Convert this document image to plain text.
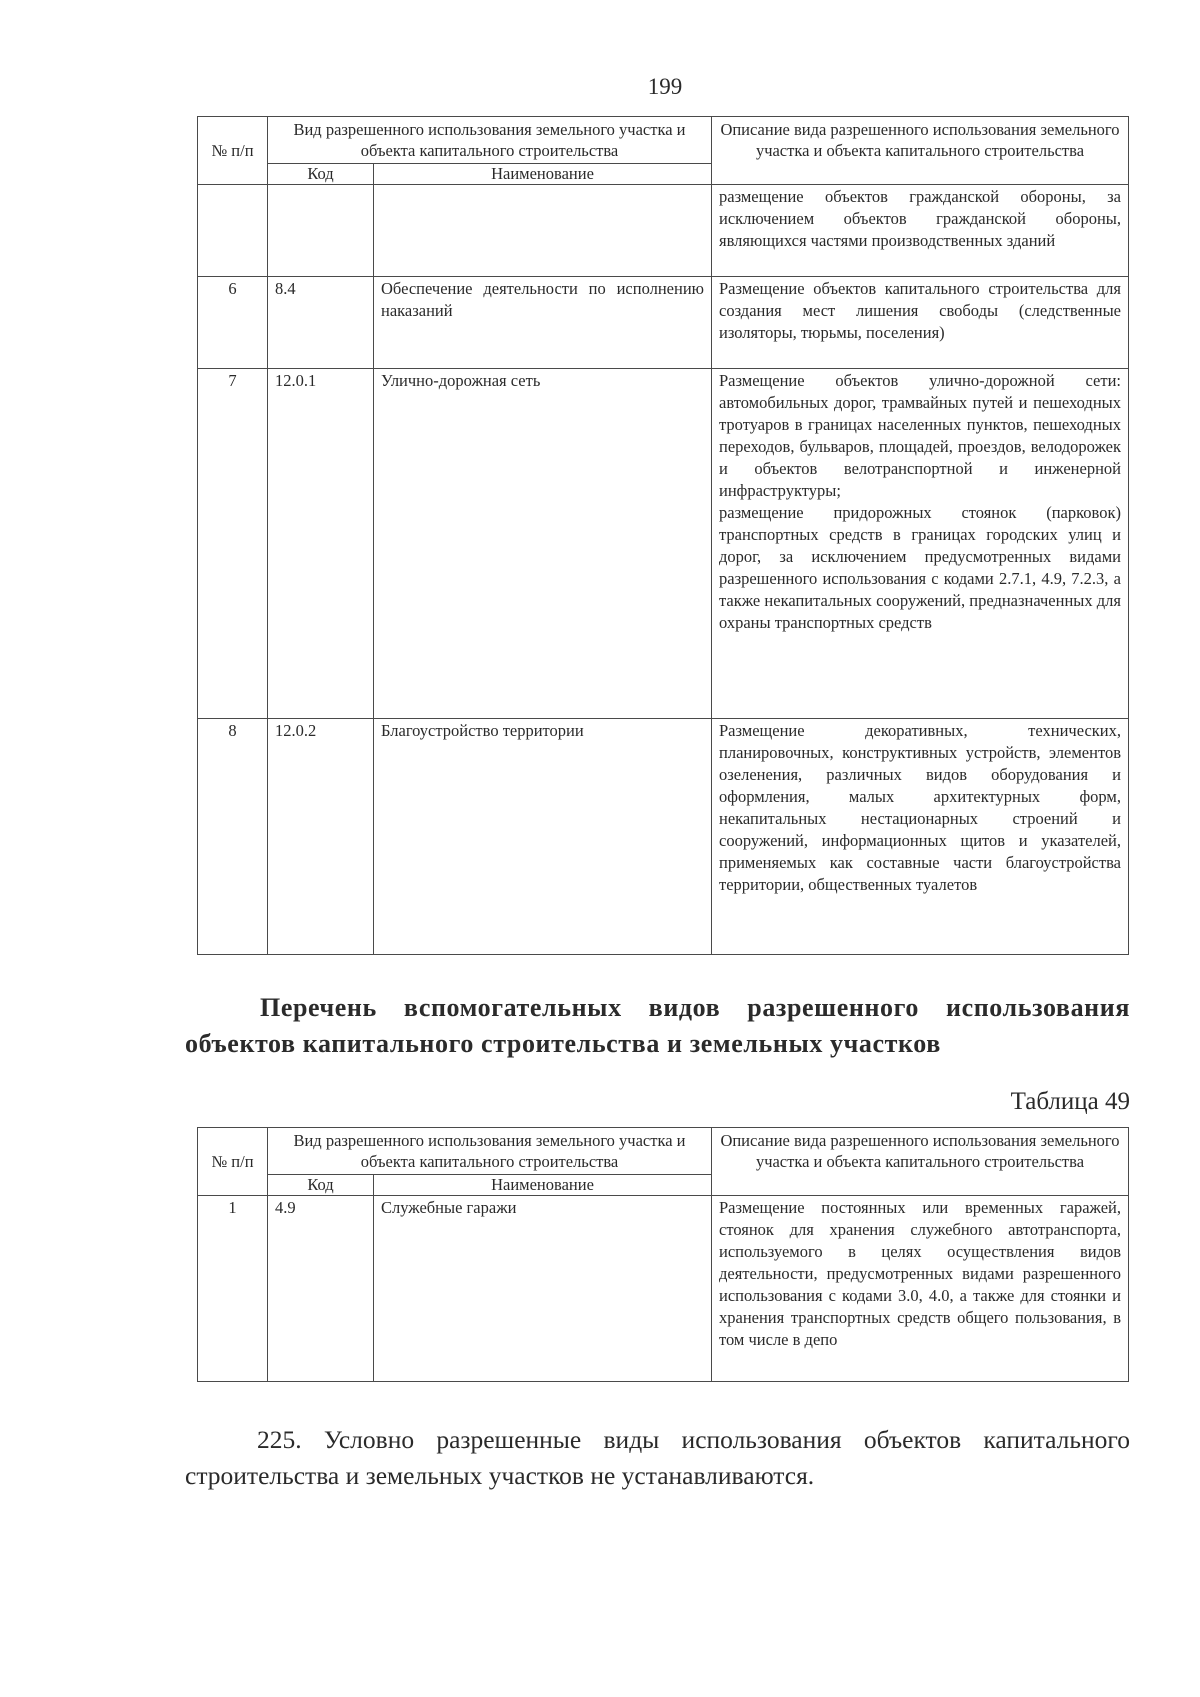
199
№ п/п	Вид разрешенного использования земельного участка и объекта капитального строительства		Описание вида разрешенного использования земельного участка и объекта капитального строительства
	Код	Наименование	

			размещение объектов гражданской обороны, за исключением объектов гражданской обороны, являющихся частями производственных зданий

6	8.4	Обеспечение деятельности по исполнению наказаний	Размещение объектов капитального строительства для создания мест лишения свободы (следственные изоляторы, тюрьмы, поселения)

7	12.0.1	Улично-дорожная сеть	Размещение объектов улично-дорожной сети: автомобильных дорог, трамвайных путей и пешеходных тротуаров в границах населенных пунктов, пешеходных переходов, бульваров, площадей, проездов, велодорожек и объектов велотранспортной и инженерной инфраструктуры;
размещение придорожных стоянок (парковок) транспортных средств в границах городских улиц и дорог, за исключением предусмотренных видами разрешенного использования с кодами 2.7.1, 4.9, 7.2.3, а также некапитальных сооружений, предназначенных для охраны транспортных средств

8	12.0.2	Благоустройство территории	Размещение декоративных, технических, планировочных, конструктивных устройств, элементов озеленения, различных видов оборудования и оформления, малых архитектурных форм, некапитальных нестационарных строений и сооружений, информационных щитов и указателей, применяемых как составные части благоустройства территории, общественных туалетов
Перечень вспомогательных видов разрешенного использования
объектов капитального строительства и земельных участков
Таблица 49
№ п/п	Вид разрешенного использования земельного участка и объекта капитального строительства		Описание вида разрешенного использования земельного участка и объекта капитального строительства
	Код	Наименование	
1	4.9	Служебные гаражи	Размещение постоянных или временных гаражей, стоянок для хранения служебного автотранспорта, используемого в целях осуществления видов деятельности, предусмотренных видами разрешенного использования с кодами 3.0, 4.0, а также для стоянки и хранения транспортных средств общего пользования, в том числе в депо
225. Условно разрешенные виды использования объектов капитального
строительства и земельных участков не устанавливаются.
